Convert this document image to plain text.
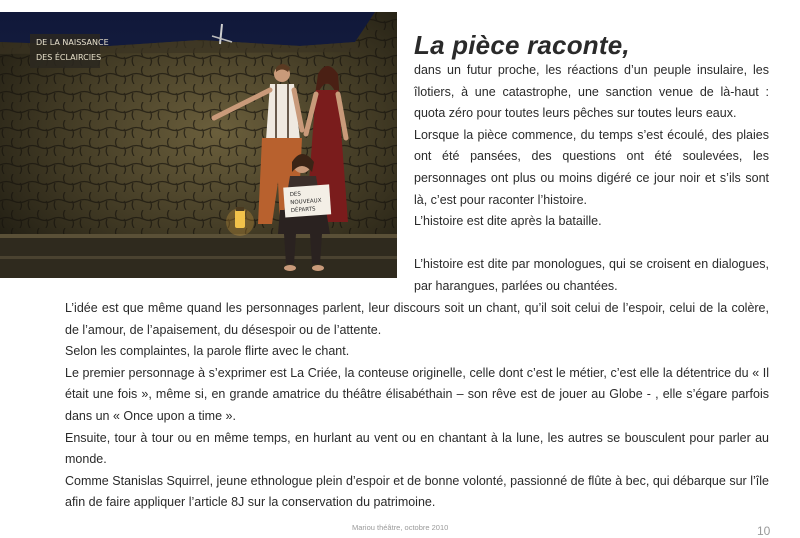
DE LA NAISSANCE
DES ÉCLAIRCIES
DES
NOUVEAUX
DÉPARTS
La pièce raconte,

dans un futur proche, les réactions d’un peuple insulaire, les îlotiers, à une catastrophe, une sanction venue de là-haut : quota zéro pour toutes leurs pêches sur toutes leurs eaux.

Lorsque la pièce commence, du temps s’est écoulé, des plaies ont été pansées, des questions ont été soulevées, les personnages ont plus ou moins digéré ce jour noir et s’ils sont là, c’est pour raconter l’histoire.

L’histoire est dite après la bataille.

L’histoire est dite par monologues, qui se croisent en dialogues, par harangues, parlées ou chantées.

L’idée est que même quand les personnages parlent, leur discours soit un chant, qu’il soit celui de l’espoir, celui de la colère, de l’amour, de l’apaisement, du désespoir ou de l’attente.

Selon les complaintes, la parole flirte avec le chant.

Le premier personnage à s’exprimer est La Criée, la conteuse originelle, celle dont c’est le métier, c’est elle la détentrice du « Il était une fois », même si, en grande amatrice du théâtre élisabéthain – son rêve est de jouer au Globe - , elle s’égare parfois dans un « Once upon a time ».

Ensuite, tour à tour ou en même temps, en hurlant au vent ou en chantant à la lune, les autres se bousculent pour parler au monde.

Comme Stanislas Squirrel, jeune ethnologue plein d’espoir et de bonne volonté, passionné de flûte à bec, qui débarque sur l’île afin de faire appliquer l’article 8J sur la conservation du patrimoine.

Mariou théâtre, octobre 2010	10
